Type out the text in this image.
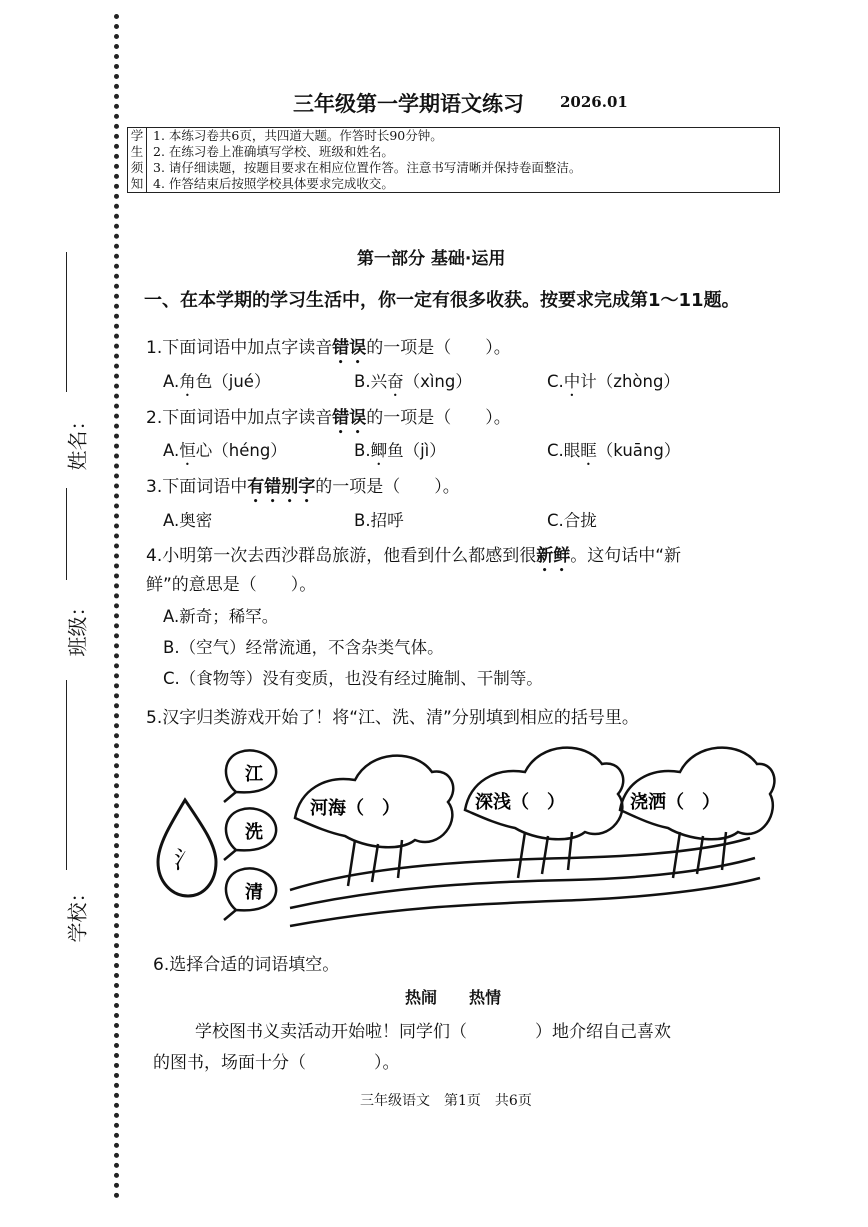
姓名：
班级：
学校：
三年级第一学期语文练习 2026.01
学	1. 本练习卷共6页，共四道大题。作答时长90分钟。
生	2. 在练习卷上准确填写学校、班级和姓名。
须	3. 请仔细读题，按题目要求在相应位置作答。注意书写清晰并保持卷面整洁。
知	4. 作答结束后按照学校具体要求完成收交。
第一部分 基础·运用
一、在本学期的学习生活中，你一定有很多收获。按要求完成第1～11题。
1.下面词语中加点字读音错误的一项是（　　）。
A.角色（jué）	B.兴奋（xìng）	C.中计（zhòng）
2.下面词语中加点字读音错误的一项是（　　）。
A.恒心（héng）	B.鲫鱼（jì）	C.眼眶（kuāng）
3.下面词语中有错别字的一项是（　　）。
A.奥密	B.招呼	C.合拢
4.小明第一次去西沙群岛旅游，他看到什么都感到很新鲜。这句话中“新
鲜”的意思是（　　）。
A.新奇；稀罕。
B.（空气）经常流通，不含杂类气体。
C.（食物等）没有变质，也没有经过腌制、干制等。
5.汉字归类游戏开始了！将“江、洗、清”分别填到相应的括号里。
氵
江
洗
清
河海（　）	深浅（　）	浇洒（　）
6.选择合适的词语填空。
热闹　　 热情
学校图书义卖活动开始啦！同学们（　　　　）地介绍自己喜欢
的图书，场面十分（　　　　）。
三年级语文　第1页　共6页
